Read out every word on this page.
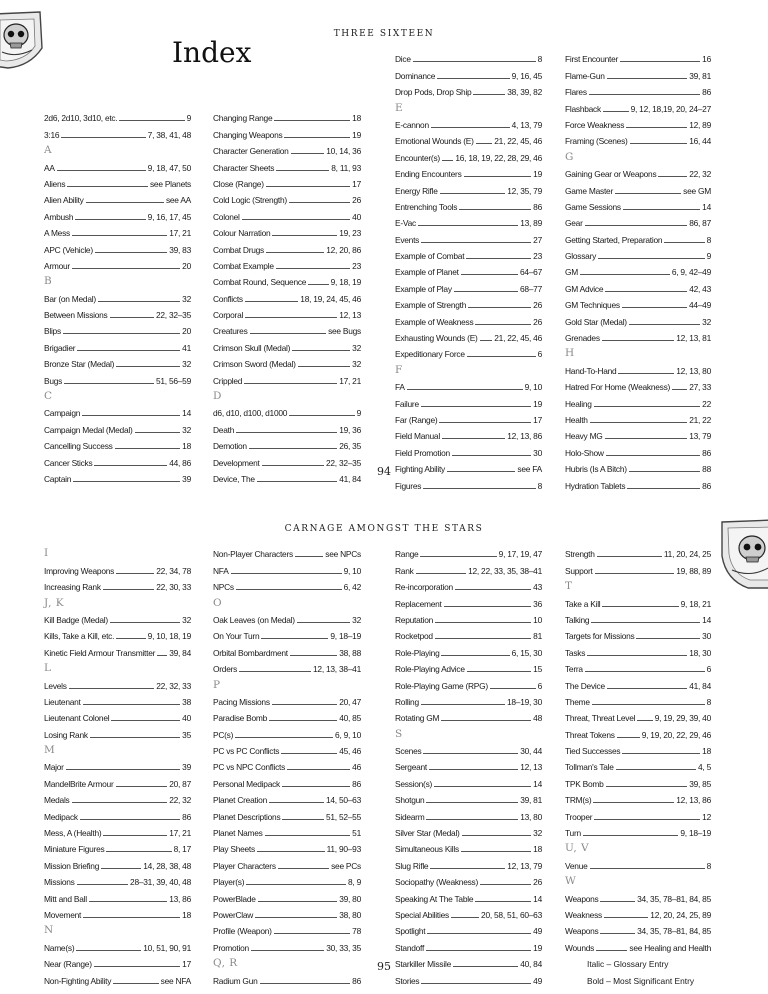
THREE SIXTEEN
Index
2d6, 2d10, 3d10, etc.	9
3:16	7, 38, 41, 48
A
AA	9, 18, 47, 50
Aliens	see Planets
Alien Ability	see AA
Ambush	9, 16, 17, 45
A Mess	17, 21
APC (Vehicle)	39, 83
Armour	20
B
Bar (on Medal)	32
Between Missions	22, 32–35
Blips	20
Brigadier	41
Bronze Star (Medal)	32
Bugs	51, 56–59
C
Campaign	14
Campaign Medal (Medal)	32
Cancelling Success	18
Cancer Sticks	44, 86
Captain	39
Changing Range	18
Changing Weapons	19
Character Generation	10, 14, 36
Character Sheets	8, 11, 93
Close (Range)	17
Cold Logic (Strength)	26
Colonel	40
Colour Narration	19, 23
Combat Drugs	12, 20, 86
Combat Example	23
Combat Round, Sequence	9, 18, 19
Conflicts	18, 19, 24, 45, 46
Corporal	12, 13
Creatures	see Bugs
Crimson Skull (Medal)	32
Crimson Sword (Medal)	32
Crippled	17, 21
D
d6, d10, d100, d1000	9
Death	19, 36
Demotion	26, 35
Development	22, 32–35
Device, The	41, 84
Dice	8
Dominance	9, 16, 45
Drop Pods, Drop Ship	38, 39, 82
E
E-cannon	4, 13, 79
Emotional Wounds (E) 21, 22, 45, 46
Encounter(s) 16, 18, 19, 22, 28, 29, 46
Ending Encounters	19
Energy Rifle	12, 35, 79
Entrenching Tools	86
E-Vac	13, 89
Events	27
Example of Combat	23
Example of Planet	64–67
Example of Play	68–77
Example of Strength	26
Example of Weakness	26
Exhausting Wounds (E) 21, 22, 45, 46
Expeditionary Force	6
F
FA	9, 10
Failure	19
Far (Range)	17
Field Manual	12, 13, 86
Field Promotion	30
Fighting Ability	see FA
Figures	8
First Encounter	16
Flame-Gun	39, 81
Flares	86
Flashback	9, 12, 18,19, 20, 24–27
Force Weakness	12, 89
Framing (Scenes)	16, 44
G
Gaining Gear or Weapons	22, 32
Game Master	see GM
Game Sessions	14
Gear	86, 87
Getting Started, Preparation	8
Glossary	9
GM	6, 9, 42–49
GM Advice	42, 43
GM Techniques	44–49
Gold Star (Medal)	32
Grenades	12, 13, 81
H
Hand-To-Hand	12, 13, 80
Hatred For Home (Weakness) 27, 33
Healing	22
Health	21, 22
Heavy MG	13, 79
Holo-Show	86
Hubris (Is A Bitch)	88
Hydration Tablets	86
94
CARNAGE AMONGST THE STARS
I
Improving Weapons	22, 34, 78
Increasing Rank	22, 30, 33
J, K
Kill Badge (Medal)	32
Kills, Take a Kill, etc.	9, 10, 18, 19
Kinetic Field Armour Transmitter 39, 84
L
Levels	22, 32, 33
Lieutenant	38
Lieutenant Colonel	40
Losing Rank	35
M
Major	39
MandelBrite Armour	20, 87
Medals	22, 32
Medipack	86
Mess, A (Health)	17, 21
Miniature Figures	8, 17
Mission Briefing	14, 28, 38, 48
Missions	28–31, 39, 40, 48
Mitt and Ball	13, 86
Movement	18
N
Name(s)	10, 51, 90, 91
Near (Range)	17
Non-Fighting Ability	see NFA
Non-Player Characters	see NPCs
NFA	9, 10
NPCs	6, 42
O
Oak Leaves (on Medal)	32
On Your Turn	9, 18–19
Orbital Bombardment	38, 88
Orders	12, 13, 38–41
P
Pacing Missions	20, 47
Paradise Bomb	40, 85
PC(s)	6, 9, 10
PC vs PC Conflicts	45, 46
PC vs NPC Conflicts	46
Personal Medipack	86
Planet Creation	14, 50–63
Planet Descriptions	51, 52–55
Planet Names	51
Play Sheets	11, 90–93
Player Characters	see PCs
Player(s)	8, 9
PowerBlade	39, 80
PowerClaw	38, 80
Profile (Weapon)	78
Promotion	30, 33, 35
Q, R
Radium Gun	86
Range	9, 17, 19, 47
Rank	12, 22, 33, 35, 38–41
Re-incorporation	43
Replacement	36
Reputation	10
Rocketpod	81
Role-Playing	6, 15, 30
Role-Playing Advice	15
Role-Playing Game (RPG)	6
Rolling	18–19, 30
Rotating GM	48
S
Scenes	30, 44
Sergeant	12, 13
Session(s)	14
Shotgun	39, 81
Sidearm	13, 80
Silver Star (Medal)	32
Simultaneous Kills	18
Slug Rifle	12, 13, 79
Sociopathy (Weakness)	26
Speaking At The Table	14
Special Abilities	20, 58, 51, 60–63
Spotlight	49
Standoff	19
Starkiller Missile	40, 84
Stories	49
Strength	11, 20, 24, 25
Support	19, 88, 89
T
Take a Kill	9, 18, 21
Talking	14
Targets for Missions	30
Tasks	18, 30
Terra	6
The Device	41, 84
Theme	8
Threat, Threat Level 9, 19, 29, 39, 40
Threat Tokens	9, 19, 20, 22, 29, 46
Tied Successes	18
Tollman's Tale	4, 5
TPK Bomb	39, 85
TRM(s)	12, 13, 86
Trooper	12
Turn	9, 18–19
U, V
Venue	8
W
Weapons	34, 35, 78–81, 84, 85
Weakness	12, 20, 24, 25, 89
Weapons	34, 35, 78–81, 84, 85
Wounds	see Healing and Health
Italic – Glossary Entry
Bold – Most Significant Entry
95
